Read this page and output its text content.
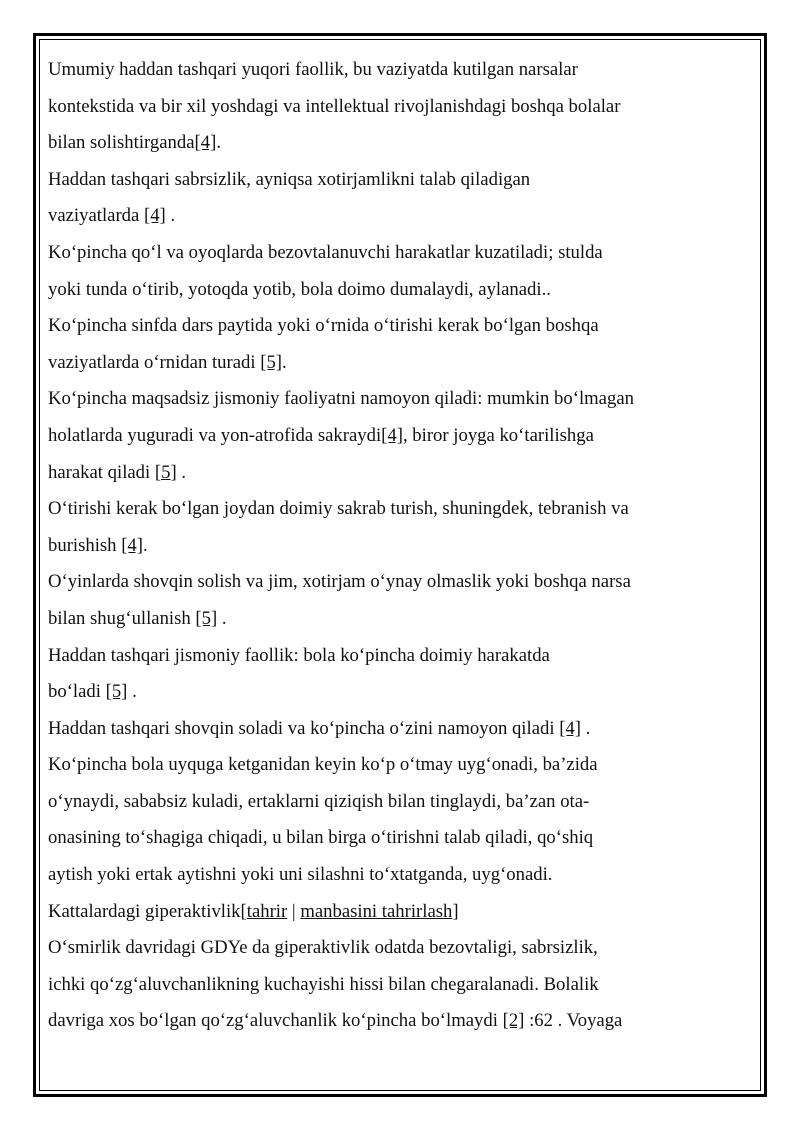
Umumiy haddan tashqari yuqori faollik, bu vaziyatda kutilgan narsalar
kontekstida va bir xil yoshdagi va intellektual rivojlanishdagi boshqa bolalar
bilan solishtirganda[4].
Haddan tashqari sabrsizlik, ayniqsa xotirjamlikni talab qiladigan
vaziyatlarda [4] .
Ko‘pincha qo‘l va oyoqlarda bezovtalanuvchi harakatlar kuzatiladi; stulda
yoki tunda o‘tirib, yotoqda yotib, bola doimo dumalaydi, aylanadi..
Ko‘pincha sinfda dars paytida yoki o‘rnida o‘tirishi kerak bo‘lgan boshqa
vaziyatlarda o‘rnidan turadi [5].
Ko‘pincha maqsadsiz jismoniy faoliyatni namoyon qiladi: mumkin bo‘lmagan
holatlarda yuguradi va yon-atrofida sakraydi[4], biror joyga ko‘tarilishga
harakat qiladi [5] .
O‘tirishi kerak bo‘lgan joydan doimiy sakrab turish, shuningdek, tebranish va
burishish [4].
O‘yinlarda shovqin solish va jim, xotirjam o‘ynay olmaslik yoki boshqa narsa
bilan shug‘ullanish [5] .
Haddan tashqari jismoniy faollik: bola ko‘pincha doimiy harakatda
bo‘ladi [5] .
Haddan tashqari shovqin soladi va ko‘pincha o‘zini namoyon qiladi [4] .
Ko‘pincha bola uyquga ketganidan keyin ko‘p o‘tmay uyg‘onadi, ba’zida
o‘ynaydi, sababsiz kuladi, ertaklarni qiziqish bilan tinglaydi, ba’zan ota-
onasining to‘shagiga chiqadi, u bilan birga o‘tirishni talab qiladi, qo‘shiq
aytish yoki ertak aytishni yoki uni silashni to‘xtatganda, uyg‘onadi.
Kattalardagi giperaktivlik[tahrir | manbasini tahrirlash]
O‘smirlik davridagi GDYe da giperaktivlik odatda bezovtaligi, sabrsizlik,
ichki qo‘zg‘aluvchanlikning kuchayishi hissi bilan chegaralanadi. Bolalik
davriga xos bo‘lgan qo‘zg‘aluvchanlik ko‘pincha bo‘lmaydi [2] :62 . Voyaga
